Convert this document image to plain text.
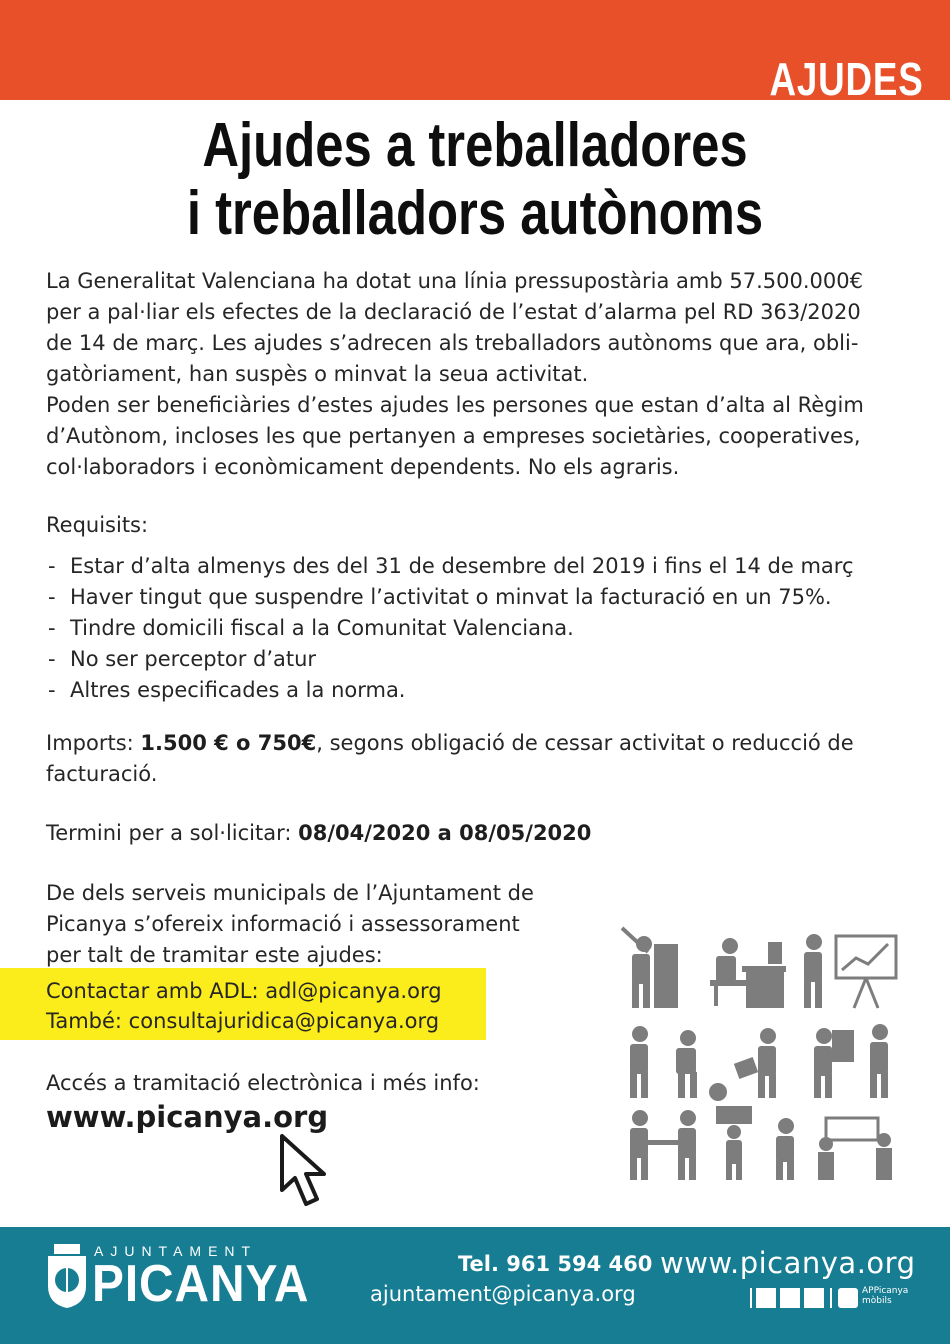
AJUDES
Ajudes a treballadores
i treballadors autònoms
La Generalitat Valenciana ha dotat una línia pressupostària amb 57.500.000€
per a pal·liar els efectes de la declaració de l’estat d’alarma pel RD 363/2020
de 14 de març. Les ajudes s’adrecen als treballadors autònoms que ara, obli-
gatòriament, han suspès o minvat la seua activitat.
Poden ser beneficiàries d’estes ajudes les persones que estan d’alta al Règim
d’Autònom, incloses les que pertanyen a empreses societàries, cooperatives,
col·laboradors i econòmicament dependents. No els agraris.
Requisits:
- Estar d’alta almenys des del 31 de desembre del 2019 i fins el 14 de març
- Haver tingut que suspendre l’activitat o minvat la facturació en un 75%.
- Tindre domicili fiscal a la Comunitat Valenciana.
- No ser perceptor d’atur
- Altres especificades a la norma.
Imports: 1.500 € o 750€, segons obligació de cessar activitat o reducció de
facturació.
Termini per a sol·licitar: 08/04/2020 a 08/05/2020
De dels serveis municipals de l’Ajuntament de
Picanya s’ofereix informació i assessorament
per talt de tramitar este ajudes:
Contactar amb ADL: adl@picanya.org
També: consultajuridica@picanya.org
Accés a tramitació electrònica i més info:
www.picanya.org
AJUNTAMENT
PICANYA	Tel. 961 594 460
ajuntament@picanya.org
www.picanya.org
APPicanya
mòbils
